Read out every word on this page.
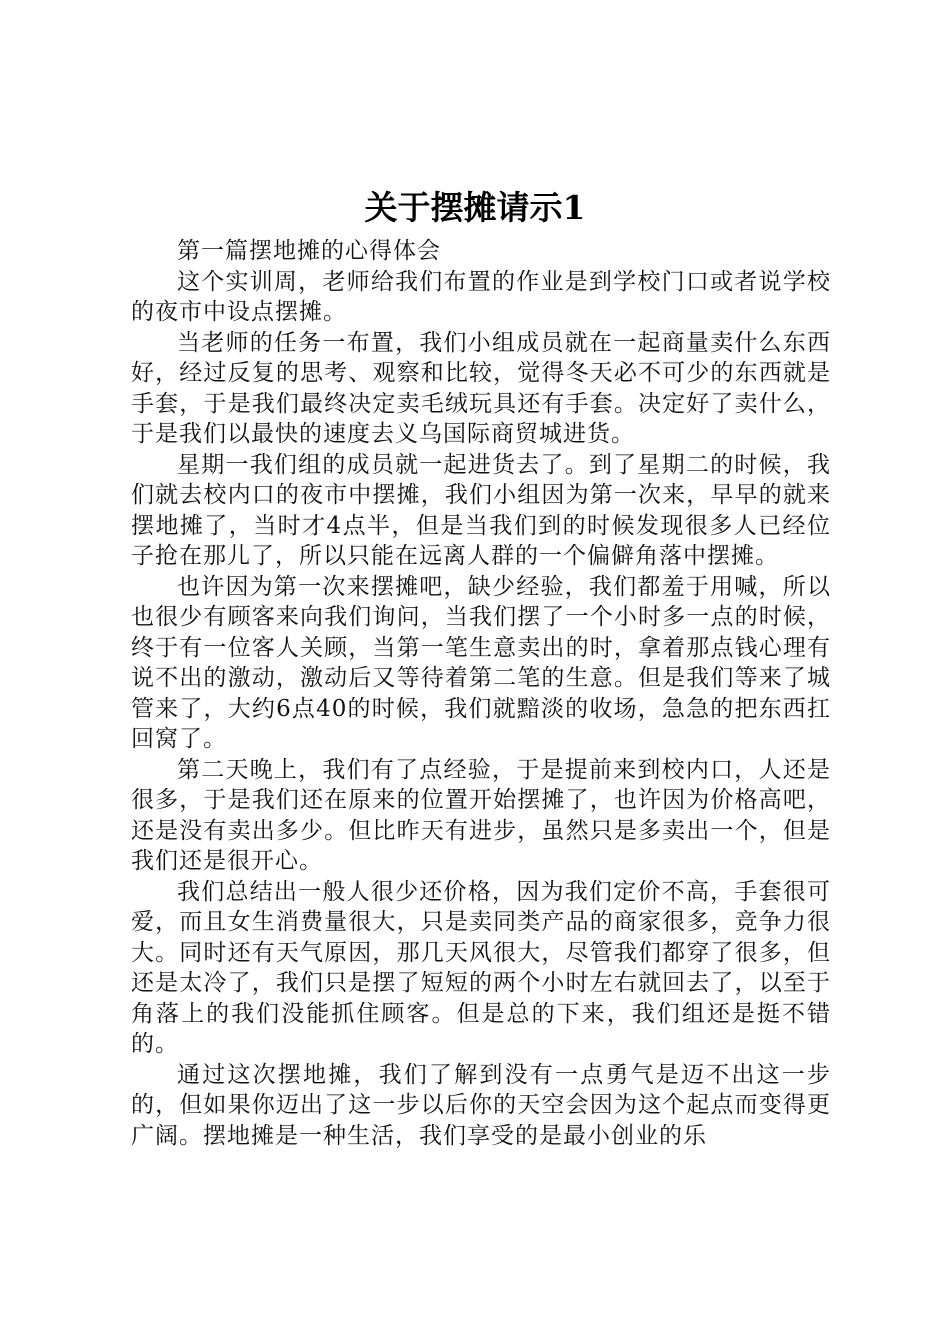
关于摆摊请示1

第一篇摆地摊的心得体会

这个实训周，老师给我们布置的作业是到学校门口或者说学校的夜市中设点摆摊。

当老师的任务一布置，我们小组成员就在一起商量卖什么东西好，经过反复的思考、观察和比较，觉得冬天必不可少的东西就是手套，于是我们最终决定卖毛绒玩具还有手套。决定好了卖什么，于是我们以最快的速度去义乌国际商贸城进货。

星期一我们组的成员就一起进货去了。到了星期二的时候，我们就去校内口的夜市中摆摊，我们小组因为第一次来，早早的就来摆地摊了，当时才4点半，但是当我们到的时候发现很多人已经位子抢在那儿了，所以只能在远离人群的一个偏僻角落中摆摊。

也许因为第一次来摆摊吧，缺少经验，我们都羞于用喊，所以也很少有顾客来向我们询问，当我们摆了一个小时多一点的时候，终于有一位客人关顾，当第一笔生意卖出的时，拿着那点钱心理有说不出的激动，激动后又等待着第二笔的生意。但是我们等来了城管来了，大约6点40的时候，我们就黯淡的收场，急急的把东西扛回窝了。

第二天晚上，我们有了点经验，于是提前来到校内口，人还是很多，于是我们还在原来的位置开始摆摊了，也许因为价格高吧，还是没有卖出多少。但比昨天有进步，虽然只是多卖出一个，但是我们还是很开心。

我们总结出一般人很少还价格，因为我们定价不高，手套很可爱，而且女生消费量很大，只是卖同类产品的商家很多，竞争力很大。同时还有天气原因，那几天风很大，尽管我们都穿了很多，但还是太冷了，我们只是摆了短短的两个小时左右就回去了，以至于角落上的我们没能抓住顾客。但是总的下来，我们组还是挺不错的。

通过这次摆地摊，我们了解到没有一点勇气是迈不出这一步的，但如果你迈出了这一步以后你的天空会因为这个起点而变得更广阔。摆地摊是一种生活，我们享受的是最小创业的乐
